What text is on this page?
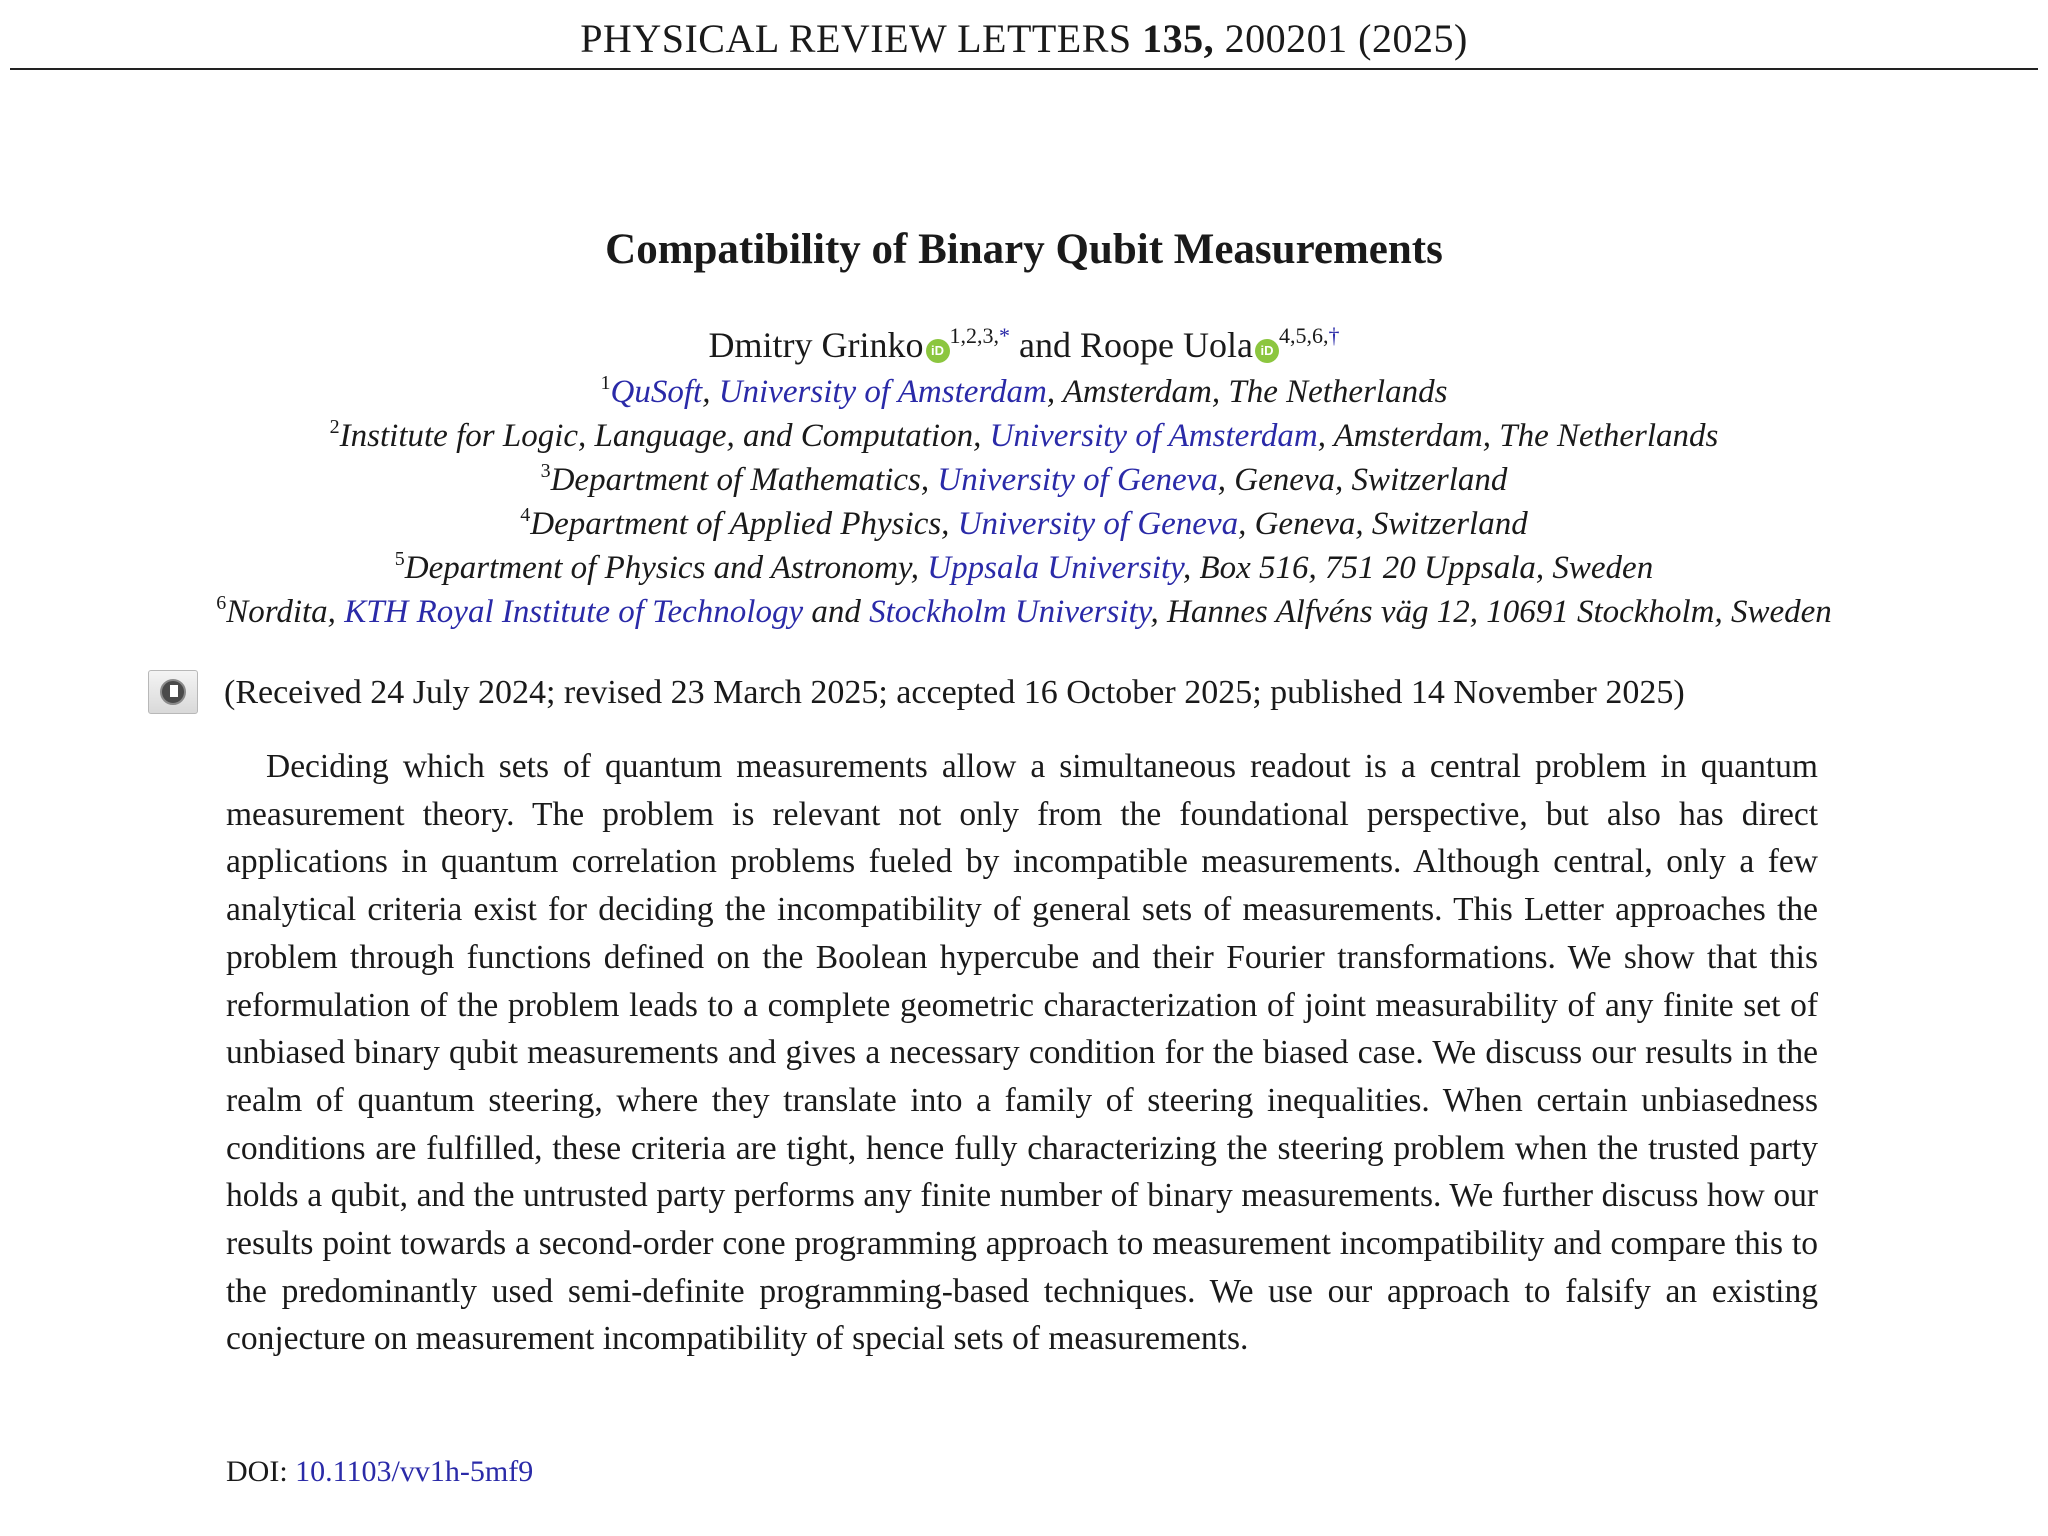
PHYSICAL REVIEW LETTERS 135, 200201 (2025)
Compatibility of Binary Qubit Measurements
Dmitry Grinko $iD^{1,2,3,*}$ and Roope Uola $iD^{4,5,6,\dagger}$
$^1$QuSoft, University of Amsterdam, Amsterdam, The Netherlands
$^2$Institute for Logic, Language, and Computation, University of Amsterdam, Amsterdam, The Netherlands
$^3$Department of Mathematics, University of Geneva, Geneva, Switzerland
$^4$Department of Applied Physics, University of Geneva, Geneva, Switzerland
$^5$Department of Physics and Astronomy, Uppsala University, Box 516, 751 20 Uppsala, Sweden
$^6$Nordita, KTH Royal Institute of Technology and Stockholm University, Hannes Alfvéns väg 12, 10691 Stockholm, Sweden
(Received 24 July 2024; revised 23 March 2025; accepted 16 October 2025; published 14 November 2025)

Deciding which sets of quantum measurements allow a simultaneous readout is a central problem in quantum measurement theory. The problem is relevant not only from the foundational perspective, but also has direct applications in quantum correlation problems fueled by incompatible measurements. Although central, only a few analytical criteria exist for deciding the incompatibility of general sets of measurements. This Letter approaches the problem through functions defined on the Boolean hypercube and their Fourier transformations. We show that this reformulation of the problem leads to a complete geometric characterization of joint measurability of any finite set of unbiased binary qubit measurements and gives a necessary condition for the biased case. We discuss our results in the realm of quantum steering, where they translate into a family of steering inequalities. When certain unbiasedness conditions are fulfilled, these criteria are tight, hence fully characterizing the steering problem when the trusted party holds a qubit, and the untrusted party performs any finite number of binary measurements. We further discuss how our results point towards a second-order cone programming approach to measurement incompatibility and compare this to the predominantly used semi-definite programming-based techniques. We use our approach to falsify an existing conjecture on measurement incompatibility of special sets of measurements.

DOI: 10.1103/vv1h-5mf9
